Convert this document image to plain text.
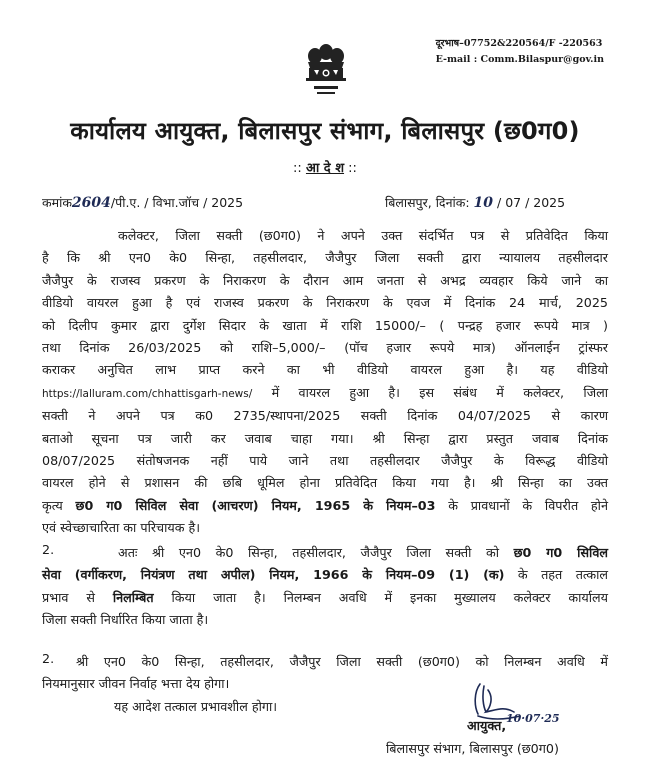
दूरभाष–07752&220564/F -220563
E-mail : Comm.Bilaspur@gov.in
कार्यालय आयुक्त, बिलासपुर संभाग, बिलासपुर (छ0ग0)
:: आ दे श ::
कमांक2604/पी.ए. / विभा.जॉच / 2025	बिलासपुर, दिनांक: 10 / 07 / 2025
कलेक्टर, जिला सक्ती (छ0ग0) ने अपने उक्त संदर्भित पत्र से प्रतिवेदित किया
है कि श्री एन0 के0 सिन्हा, तहसीलदार, जैजैपुर जिला सक्ती द्वारा न्यायालय तहसीलदार
जैजैपुर के राजस्व प्रकरण के निराकरण के दौरान आम जनता से अभद्र व्यवहार किये जाने का
वीडियो वायरल हुआ है एवं राजस्व प्रकरण के निराकरण के एवज में दिनांक 24 मार्च, 2025
को दिलीप कुमार द्वारा दुर्गेश सिदार के खाता में राशि 15000/– ( पन्द्रह हजार रूपये मात्र )
तथा दिनांक 26/03/2025 को राशि–5,000/– (पॉच हजार रूपये मात्र) ऑनलाईन ट्रांस्फर
कराकर अनुचित लाभ प्राप्त करने का भी वीडियो वायरल हुआ है। यह वीडियो
https://lalluram.com/chhattisgarh-news/ में वायरल हुआ है। इस संबंध में कलेक्टर, जिला
सक्ती ने अपने पत्र क0 2735/स्थापना/2025 सक्ती दिनांक 04/07/2025 से कारण
बताओ सूचना पत्र जारी कर जवाब चाहा गया। श्री सिन्हा द्वारा प्रस्तुत जवाब दिनांक
08/07/2025 संतोषजनक नहीं पाये जाने तथा तहसीलदार जैजैपुर के विरूद्ध वीडियो
वायरल होने से प्रशासन की छबि धूमिल होना प्रतिवेदित किया गया है। श्री सिन्हा का उक्त
कृत्य छ0 ग0 सिविल सेवा (आचरण) नियम, 1965 के नियम–03 के प्रावधानों के विपरीत होने
एवं स्वेच्छाचारिता का परिचायक है।
2.	अतः श्री एन0 के0 सिन्हा, तहसीलदार, जैजैपुर जिला सक्ती को छ0 ग0 सिविल
सेवा (वर्गीकरण, नियंत्रण तथा अपील) नियम, 1966 के नियम–09 (1) (क) के तहत तत्काल
प्रभाव से निलम्बित किया जाता है। निलम्बन अवधि में इनका मुख्यालय कलेक्टर कार्यालय
जिला सक्ती निर्धारित किया जाता है।
2.	श्री एन0 के0 सिन्हा, तहसीलदार, जैजैपुर जिला सक्ती (छ0ग0) को निलम्बन अवधि में
नियमानुसार जीवन निर्वाह भत्ता देय होगा।
यह आदेश तत्काल प्रभावशील होगा।
10·07·25
आयुक्त,
बिलासपुर संभाग, बिलासपुर (छ0ग0)
